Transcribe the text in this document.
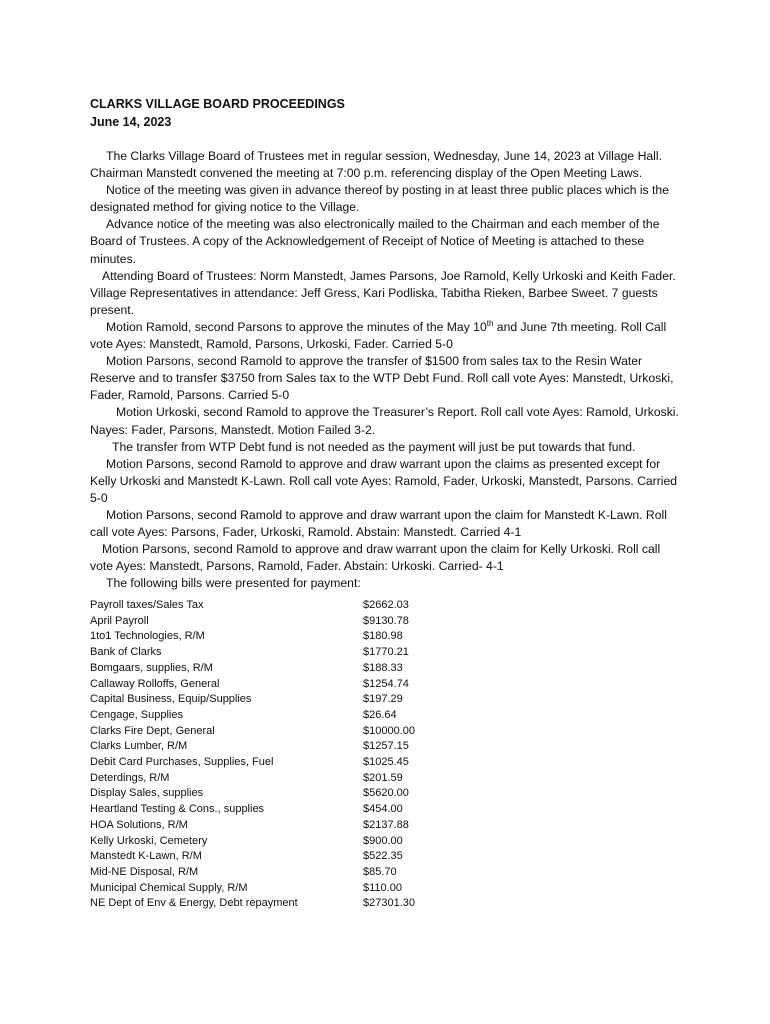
CLARKS VILLAGE BOARD PROCEEDINGS
June 14, 2023

The Clarks Village Board of Trustees met in regular session, Wednesday, June 14, 2023 at Village Hall. Chairman Manstedt convened the meeting at 7:00 p.m. referencing display of the Open Meeting Laws.

Notice of the meeting was given in advance thereof by posting in at least three public places which is the designated method for giving notice to the Village.

Advance notice of the meeting was also electronically mailed to the Chairman and each member of the Board of Trustees. A copy of the Acknowledgement of Receipt of Notice of Meeting is attached to these minutes.

Attending Board of Trustees: Norm Manstedt, James Parsons, Joe Ramold, Kelly Urkoski and Keith Fader. Village Representatives in attendance: Jeff Gress, Kari Podliska, Tabitha Rieken, Barbee Sweet. 7 guests present.

Motion Ramold, second Parsons to approve the minutes of the May 10th and June 7th meeting. Roll Call vote Ayes: Manstedt, Ramold, Parsons, Urkoski, Fader. Carried 5-0

Motion Parsons, second Ramold to approve the transfer of $1500 from sales tax to the Resin Water Reserve and to transfer $3750 from Sales tax to the WTP Debt Fund. Roll call vote Ayes: Manstedt, Urkoski, Fader, Ramold, Parsons. Carried 5-0

Motion Urkoski, second Ramold to approve the Treasurer’s Report. Roll call vote Ayes: Ramold, Urkoski. Nayes: Fader, Parsons, Manstedt. Motion Failed 3-2.

The transfer from WTP Debt fund is not needed as the payment will just be put towards that fund.

Motion Parsons, second Ramold to approve and draw warrant upon the claims as presented except for Kelly Urkoski and Manstedt K-Lawn. Roll call vote Ayes: Ramold, Fader, Urkoski, Manstedt, Parsons. Carried 5-0

Motion Parsons, second Ramold to approve and draw warrant upon the claim for Manstedt K-Lawn. Roll call vote Ayes: Parsons, Fader, Urkoski, Ramold. Abstain: Manstedt. Carried 4-1

Motion Parsons, second Ramold to approve and draw warrant upon the claim for Kelly Urkoski. Roll call vote Ayes: Manstedt, Parsons, Ramold, Fader. Abstain: Urkoski. Carried- 4-1

The following bills were presented for payment:

Payroll taxes/Sales Tax	$2662.03
April Payroll	$9130.78
1to1 Technologies, R/M	$180.98
Bank of Clarks	$1770.21
Bomgaars, supplies, R/M	$188.33
Callaway Rolloffs, General	$1254.74
Capital Business, Equip/Supplies	$197.29
Cengage, Supplies	$26.64
Clarks Fire Dept, General	$10000.00
Clarks Lumber, R/M	$1257.15
Debit Card Purchases, Supplies, Fuel	$1025.45
Deterdings, R/M	$201.59
Display Sales, supplies	$5620.00
Heartland Testing & Cons., supplies	$454.00
HOA Solutions, R/M	$2137.88
Kelly Urkoski, Cemetery	$900.00
Manstedt K-Lawn, R/M	$522.35
Mid-NE Disposal, R/M	$85.70
Municipal Chemical Supply, R/M	$110.00
NE Dept of Env & Energy, Debt repayment	$27301.30
